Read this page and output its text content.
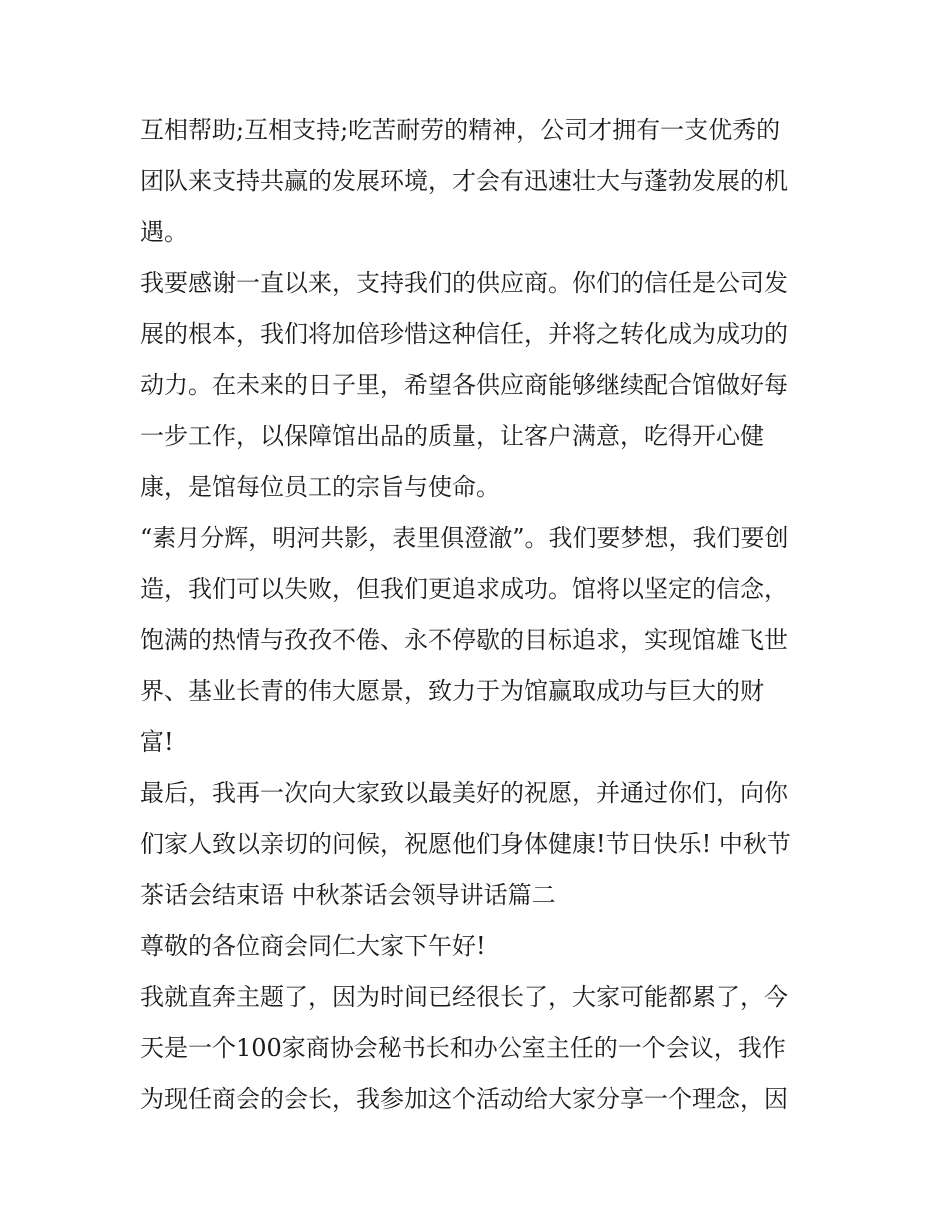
互相帮助;互相支持;吃苦耐劳的精神，公司才拥有一支优秀的
团队来支持共赢的发展环境，才会有迅速壮大与蓬勃发展的机
遇。
我要感谢一直以来，支持我们的供应商。你们的信任是公司发
展的根本，我们将加倍珍惜这种信任，并将之转化成为成功的
动力。在未来的日子里，希望各供应商能够继续配合馆做好每
一步工作，以保障馆出品的质量，让客户满意，吃得开心健
康，是馆每位员工的宗旨与使命。
“素月分辉，明河共影，表里俱澄澈”。我们要梦想，我们要创
造，我们可以失败，但我们更追求成功。馆将以坚定的信念，
饱满的热情与孜孜不倦、永不停歇的目标追求，实现馆雄飞世
界、基业长青的伟大愿景，致力于为馆赢取成功与巨大的财
富!
最后，我再一次向大家致以最美好的祝愿，并通过你们，向你
们家人致以亲切的问候，祝愿他们身体健康!节日快乐! 中秋节
茶话会结束语 中秋茶话会领导讲话篇二
尊敬的各位商会同仁大家下午好!
我就直奔主题了，因为时间已经很长了，大家可能都累了，今
天是一个100家商协会秘书长和办公室主任的一个会议，我作
为现任商会的会长，我参加这个活动给大家分享一个理念，因
